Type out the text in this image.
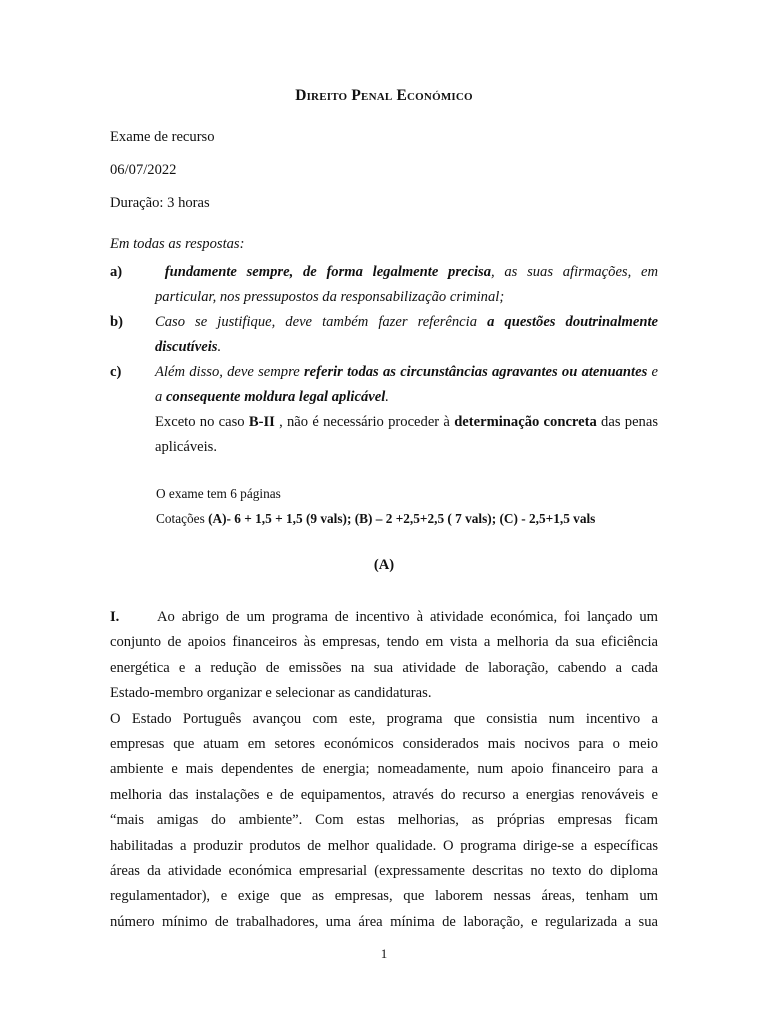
Direito Penal Económico
Exame de recurso
06/07/2022
Duração: 3 horas
Em todas as respostas:
a)	fundamente sempre, de forma legalmente precisa, as suas afirmações, em particular, nos pressupostos da responsabilização criminal;
b) Caso se justifique, deve também fazer referência a questões doutrinalmente discutíveis.
c) Além disso, deve sempre referir todas as circunstâncias agravantes ou atenuantes e a consequente moldura legal aplicável.
Exceto no caso B-II , não é necessário proceder à determinação concreta das penas aplicáveis.
O exame tem 6 páginas
Cotações (A)- 6 + 1,5 + 1,5 (9 vals); (B) – 2 +2,5+2,5 ( 7 vals); (C) - 2,5+1,5 vals
(A)

I.	Ao abrigo de um programa de incentivo à atividade económica, foi lançado um

conjunto de apoios financeiros às empresas, tendo em vista a melhoria da sua eficiência

energética e a redução de emissões na sua atividade de laboração, cabendo a cada

Estado-membro organizar e selecionar as candidaturas.

O Estado Português avançou com este, programa que consistia num incentivo a

empresas que atuam em setores económicos considerados mais nocivos para o meio

ambiente e mais dependentes de energia; nomeadamente, num apoio financeiro para a

melhoria das instalações e de equipamentos, através do recurso a energias renováveis e

“mais amigas do ambiente”. Com estas melhorias, as próprias empresas ficam

habilitadas a produzir produtos de melhor qualidade. O programa dirige-se a específicas

áreas da atividade económica empresarial (expressamente descritas no texto do diploma

regulamentador), e exige que as empresas, que laborem nessas áreas, tenham um

número mínimo de trabalhadores, uma área mínima de laboração, e regularizada a sua

1
